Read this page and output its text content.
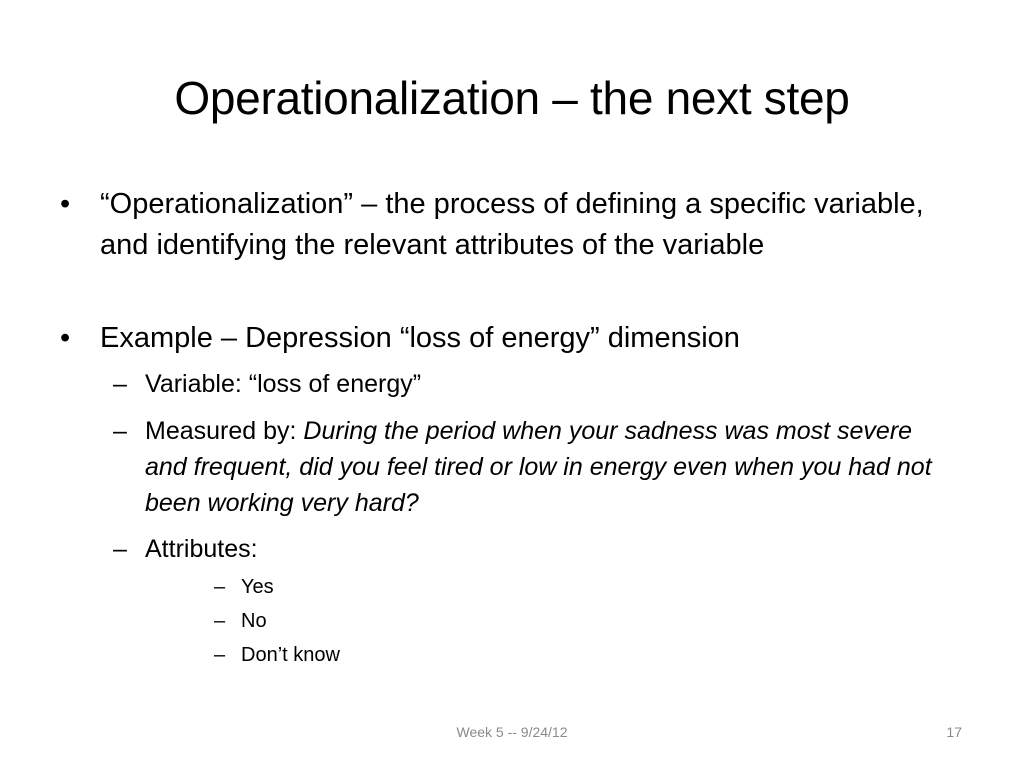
Operationalization – the next step
• “Operationalization” – the process of defining a specific variable, and identifying the relevant attributes of the variable
• Example – Depression “loss of energy” dimension
– Variable: “loss of energy”
– Measured by: During the period when your sadness was most severe and frequent, did you feel tired or low in energy even when you had not been working very hard?
– Attributes:
– Yes
– No
– Don’t know
Week 5 -- 9/24/12	17
